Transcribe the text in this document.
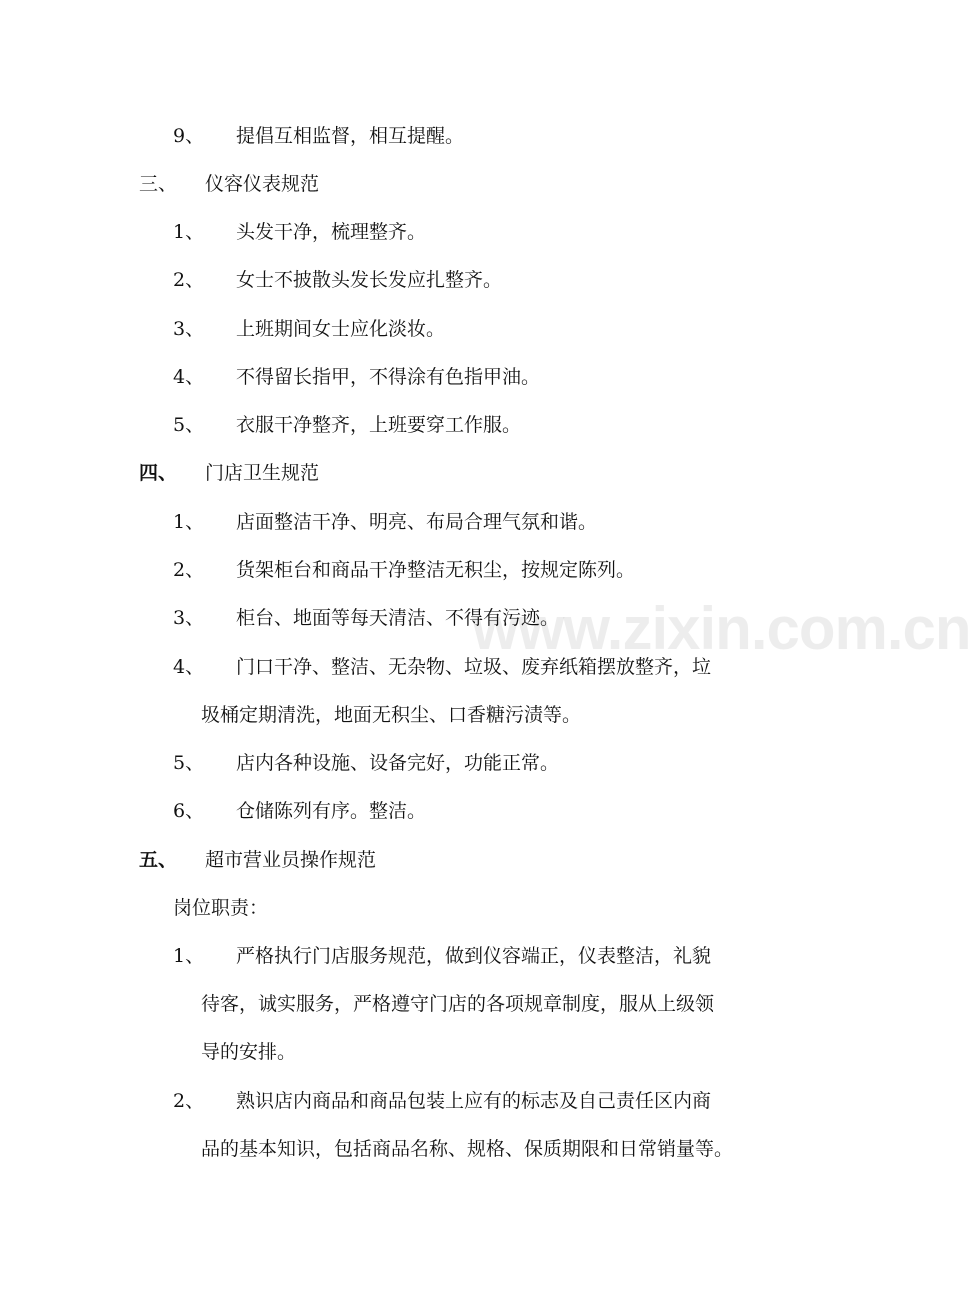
www.zixin.com.cn
9、 提倡互相监督，相互提醒。
三、 仪容仪表规范
1、 头发干净，梳理整齐。
2、 女士不披散头发长发应扎整齐。
3、 上班期间女士应化淡妆。
4、 不得留长指甲，不得涂有色指甲油。
5、 衣服干净整齐，上班要穿工作服。
四、 门店卫生规范
1、 店面整洁干净、明亮、布局合理气氛和谐。
2、 货架柜台和商品干净整洁无积尘，按规定陈列。
3、 柜台、地面等每天清洁、不得有污迹。
4、 门口干净、整洁、无杂物、垃圾、废弃纸箱摆放整齐，垃
圾桶定期清洗，地面无积尘、口香糖污渍等。
5、 店内各种设施、设备完好，功能正常。
6、 仓储陈列有序。整洁。
五、 超市营业员操作规范
岗位职责：
1、 严格执行门店服务规范，做到仪容端正，仪表整洁，礼貌
待客，诚实服务，严格遵守门店的各项规章制度，服从上级领
导的安排。
2、 熟识店内商品和商品包装上应有的标志及自己责任区内商
品的基本知识，包括商品名称、规格、保质期限和日常销量等。
